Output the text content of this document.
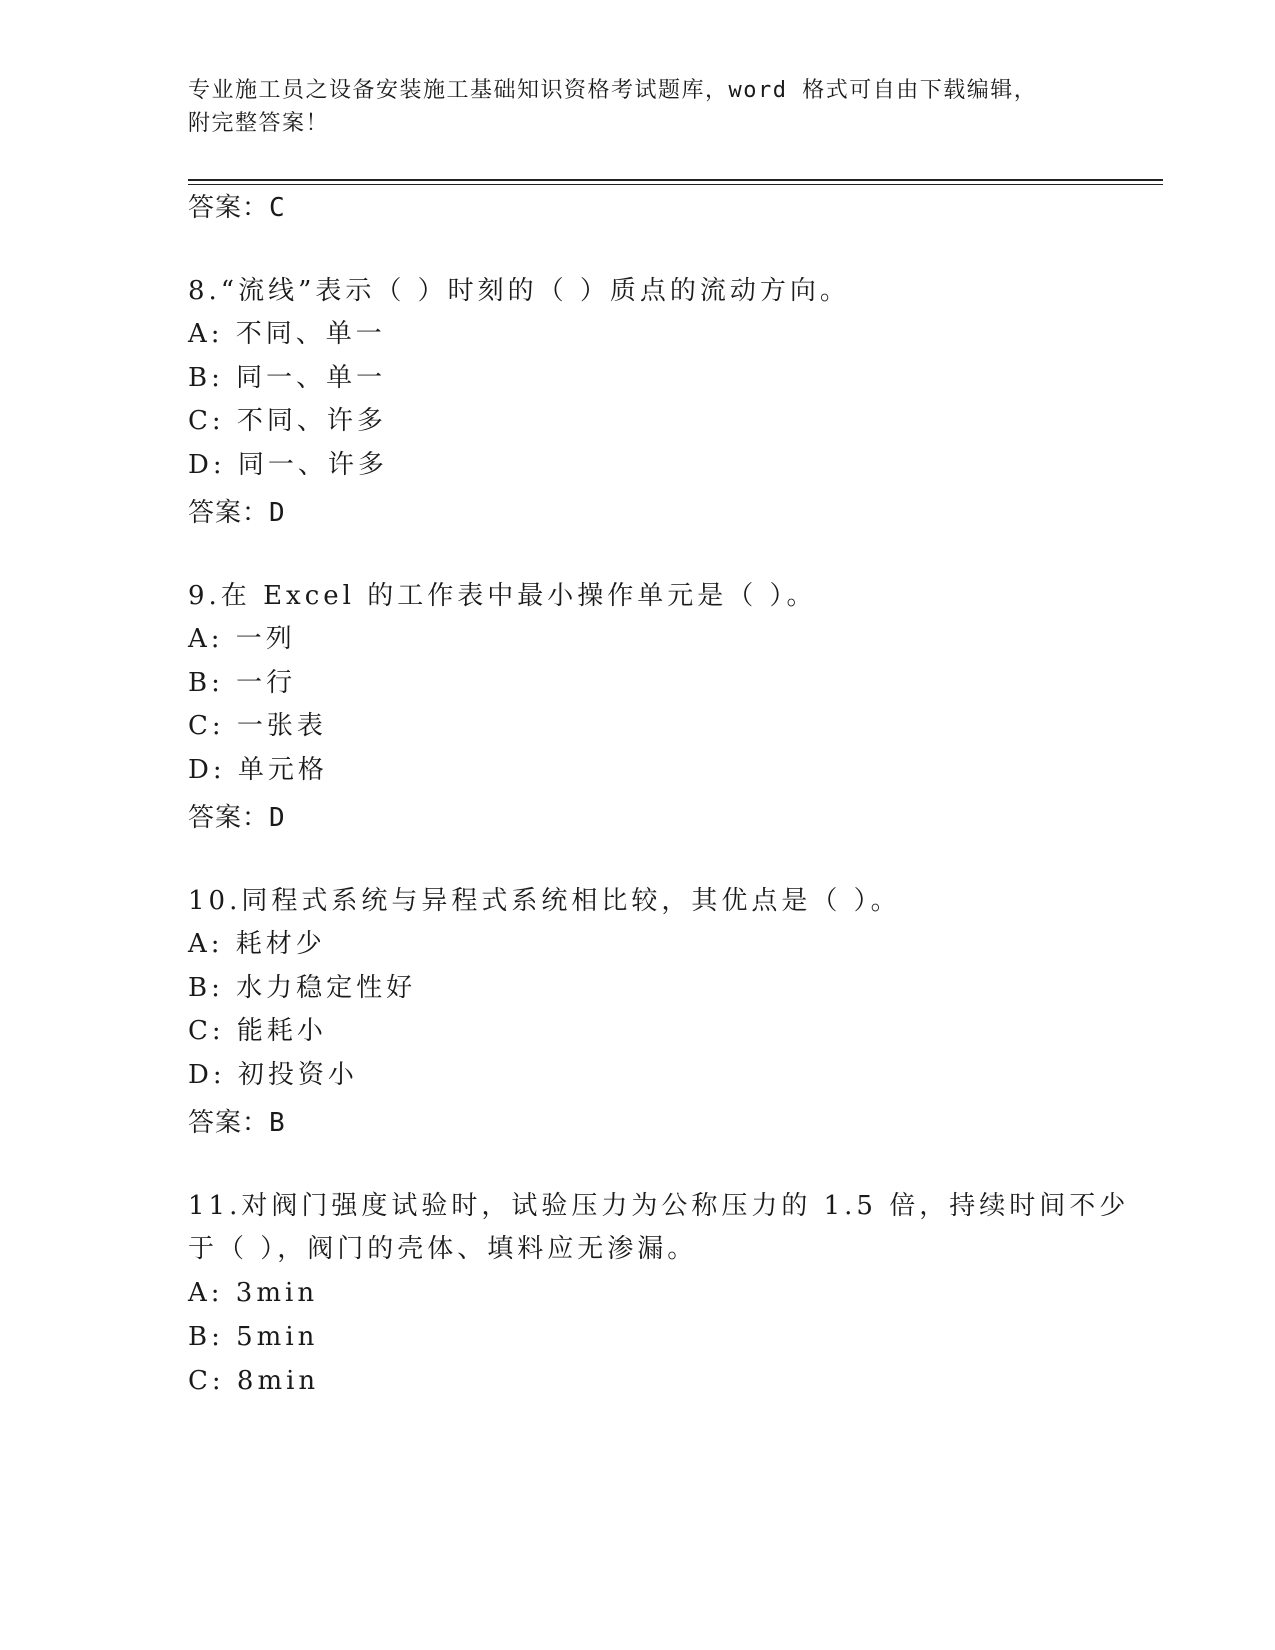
专业施工员之设备安装施工基础知识资格考试题库，word 格式可自由下载编辑，
附完整答案！
答案：C
8.“流线”表示（ ）时刻的（ ）质点的流动方向。
A: 不同、单一
B: 同一、单一
C: 不同、许多
D: 同一、许多
答案：D
9.在 Excel 的工作表中最小操作单元是（ ）。
A: 一列
B: 一行
C: 一张表
D: 单元格
答案：D
10.同程式系统与异程式系统相比较，其优点是（ ）。
A: 耗材少
B: 水力稳定性好
C: 能耗小
D: 初投资小
答案：B
11.对阀门强度试验时，试验压力为公称压力的 1.5 倍，持续时间不少
于（ ），阀门的壳体、填料应无渗漏。
A: 3min
B: 5min
C: 8min
